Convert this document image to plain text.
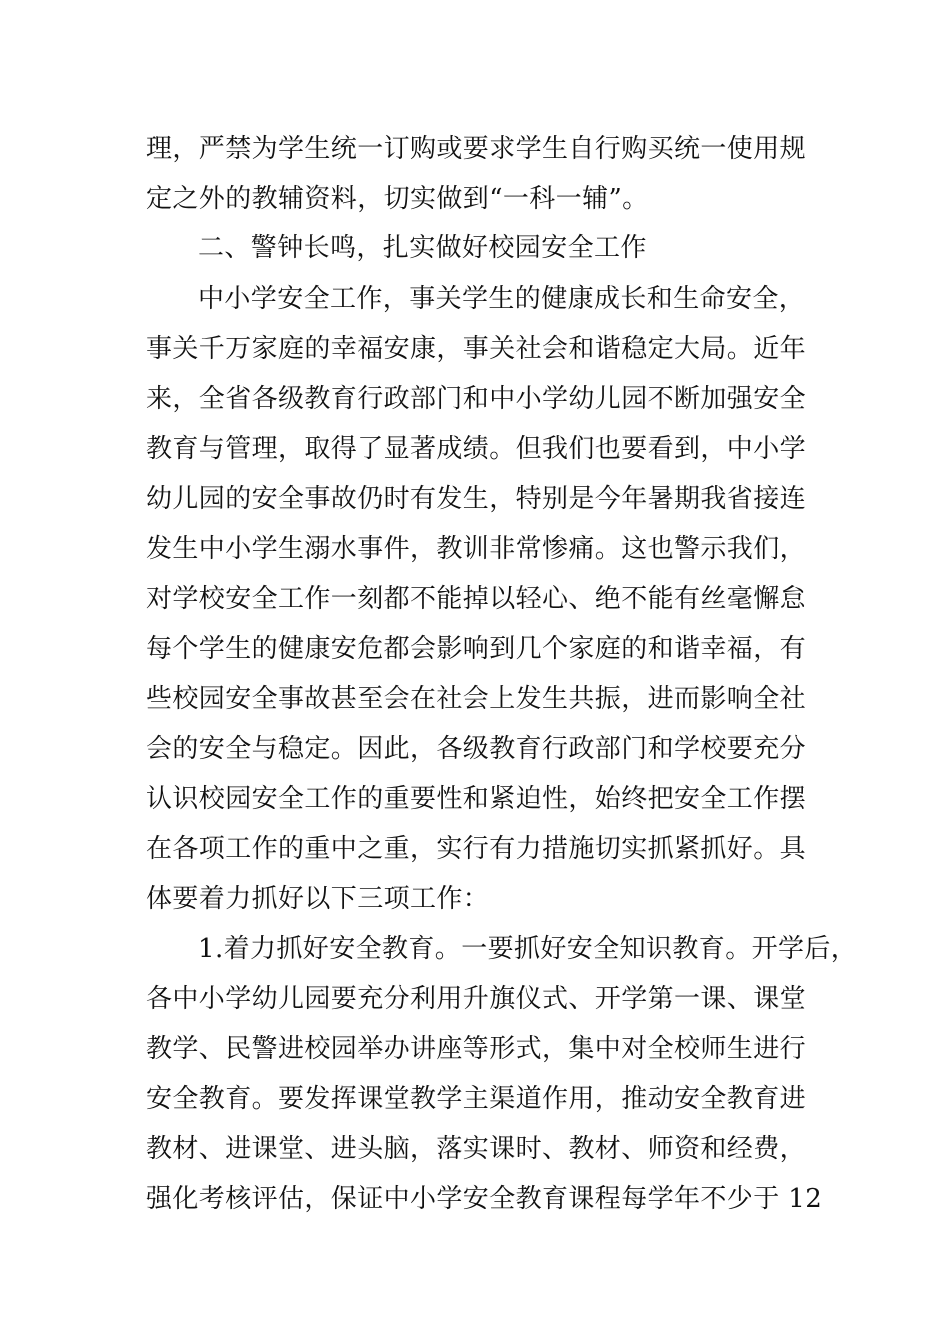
理，严禁为学生统一订购或要求学生自行购买统一使用规
定之外的教辅资料，切实做到“一科一辅”。
二、警钟长鸣，扎实做好校园安全工作
中小学安全工作，事关学生的健康成长和生命安全，
事关千万家庭的幸福安康，事关社会和谐稳定大局。近年
来，全省各级教育行政部门和中小学幼儿园不断加强安全
教育与管理，取得了显著成绩。但我们也要看到，中小学
幼儿园的安全事故仍时有发生，特别是今年暑期我省接连
发生中小学生溺水事件，教训非常惨痛。这也警示我们，
对学校安全工作一刻都不能掉以轻心、绝不能有丝毫懈怠
每个学生的健康安危都会影响到几个家庭的和谐幸福，有
些校园安全事故甚至会在社会上发生共振，进而影响全社
会的安全与稳定。因此，各级教育行政部门和学校要充分
认识校园安全工作的重要性和紧迫性，始终把安全工作摆
在各项工作的重中之重，实行有力措施切实抓紧抓好。具
体要着力抓好以下三项工作：
1.着力抓好安全教育。一要抓好安全知识教育。开学后，
各中小学幼儿园要充分利用升旗仪式、开学第一课、课堂
教学、民警进校园举办讲座等形式，集中对全校师生进行
安全教育。要发挥课堂教学主渠道作用，推动安全教育进
教材、进课堂、进头脑，落实课时、教材、师资和经费，
强化考核评估，保证中小学安全教育课程每学年不少于 12
